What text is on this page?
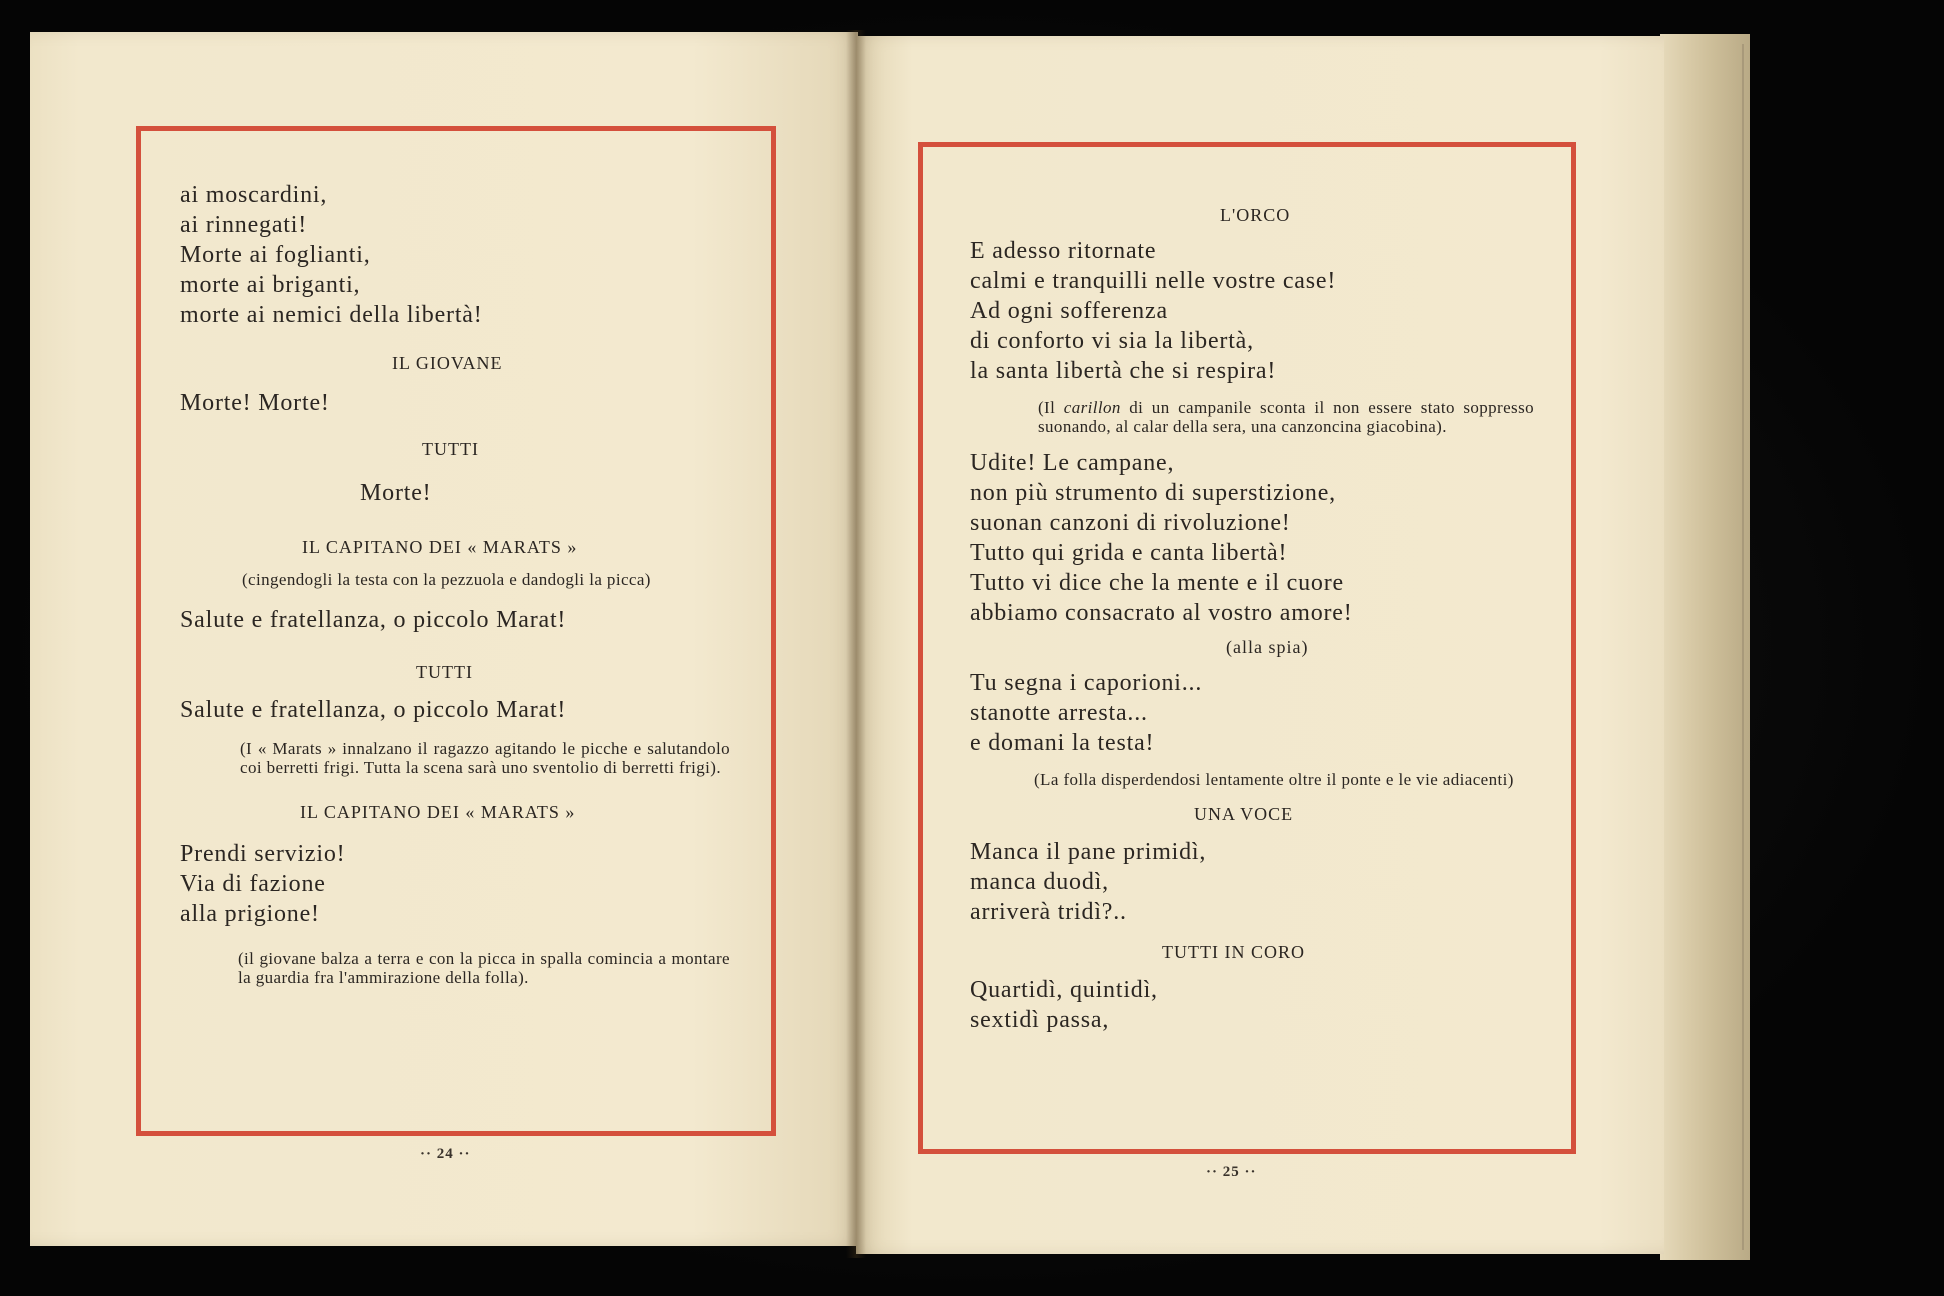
ai moscardini,

ai rinnegati!

Morte ai foglianti,

morte ai briganti,

morte ai nemici della libertà!

IL GIOVANE

Morte! Morte!

TUTTI

Morte!

IL CAPITANO DEI « MARATS »

(cingendogli la testa con la pezzuola e dandogli la picca)

Salute e fratellanza, o piccolo Marat!

TUTTI

Salute e fratellanza, o piccolo Marat!

(I « Marats » innalzano il ragazzo agitando le picche e salutandolo coi berretti frigi. Tutta la scena sarà uno sventolio di berretti frigi).

IL CAPITANO DEI « MARATS »

Prendi servizio!

Via di fazione

alla prigione!

(il giovane balza a terra e con la picca in spalla comincia a montare la guardia fra l'ammirazione della folla).

·· 24 ··

L'ORCO

E adesso ritornate

calmi e tranquilli nelle vostre case!

Ad ogni sofferenza

di conforto vi sia la libertà,

la santa libertà che si respira!

(Il carillon di un campanile sconta il non essere stato soppresso suonando, al calar della sera, una canzoncina giacobina).

Udite! Le campane,

non più strumento di superstizione,

suonan canzoni di rivoluzione!

Tutto qui grida e canta libertà!

Tutto vi dice che la mente e il cuore

abbiamo consacrato al vostro amore!

(alla spia)

Tu segna i caporioni...

stanotte arresta...

e domani la testa!

(La folla disperdendosi lentamente oltre il ponte e le vie adiacenti)

UNA VOCE

Manca il pane primidì,

manca duodì,

arriverà tridì?..

TUTTI IN CORO

Quartidì, quintidì,

sextidì passa,

·· 25 ··
